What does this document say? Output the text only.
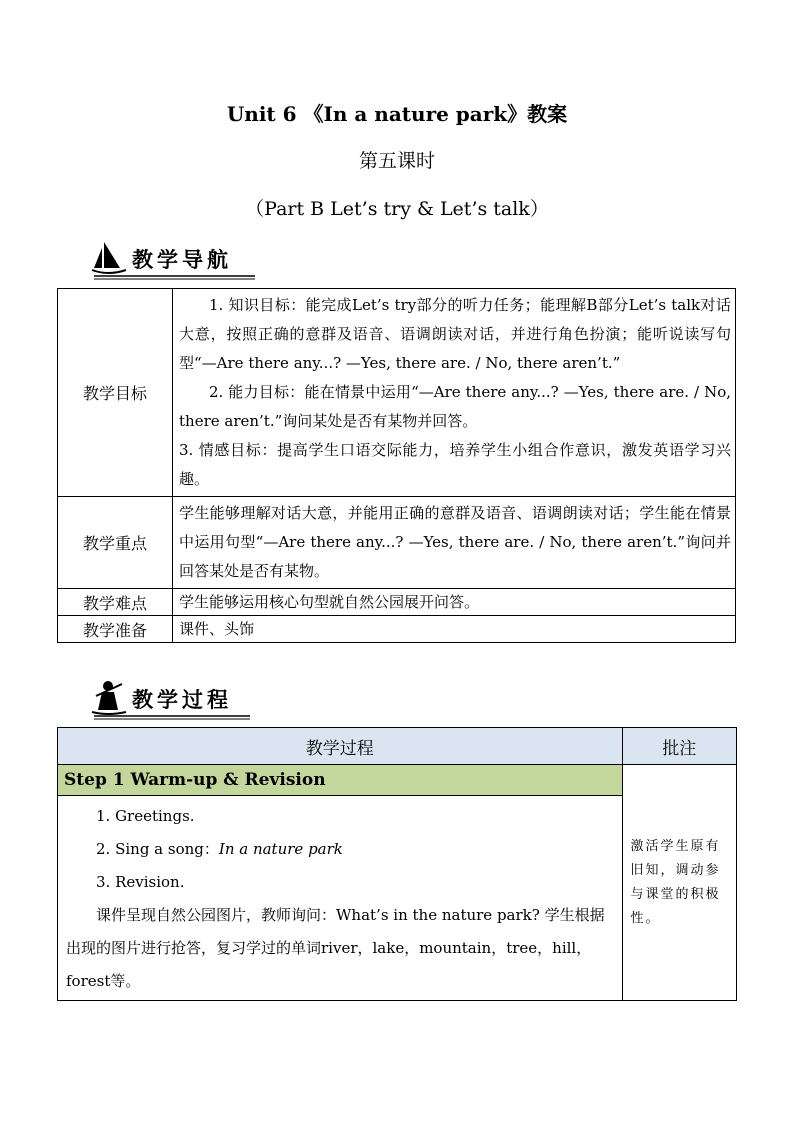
Unit 6 《In a nature park》教案
第五课时
（Part B Let’s try & Let’s talk）
教学导航
教学目标	1. 知识目标：能完成Let’s try部分的听力任务；能理解B部分Let’s talk对话大意，按照正确的意群及语音、语调朗读对话，并进行角色扮演；能听说读写句型“—Are there any...? —Yes, there are. / No, there aren’t.”
2. 能力目标：能在情景中运用“—Are there any...? —Yes, there are. / No, there aren’t.”询问某处是否有某物并回答。
3. 情感目标：提高学生口语交际能力，培养学生小组合作意识，激发英语学习兴趣。

教学重点	学生能够理解对话大意，并能用正确的意群及语音、语调朗读对话；学生能在情景中运用句型“—Are there any...? —Yes, there are. / No, there aren’t.”询问并回答某处是否有某物。
教学难点	学生能够运用核心句型就自然公园展开问答。
教学准备	课件、头饰
教学过程
教学过程	批注
Step 1 Warm-up & Revision	激活学生原有旧知，调动参与课堂的积极性。

1. Greetings.
2. Sing a song：In a nature park
3. Revision.
课件呈现自然公园图片，教师询问：What’s in the nature park? 学生根据出现的图片进行抢答，复习学过的单词river，lake，mountain，tree，hill，forest等。	
